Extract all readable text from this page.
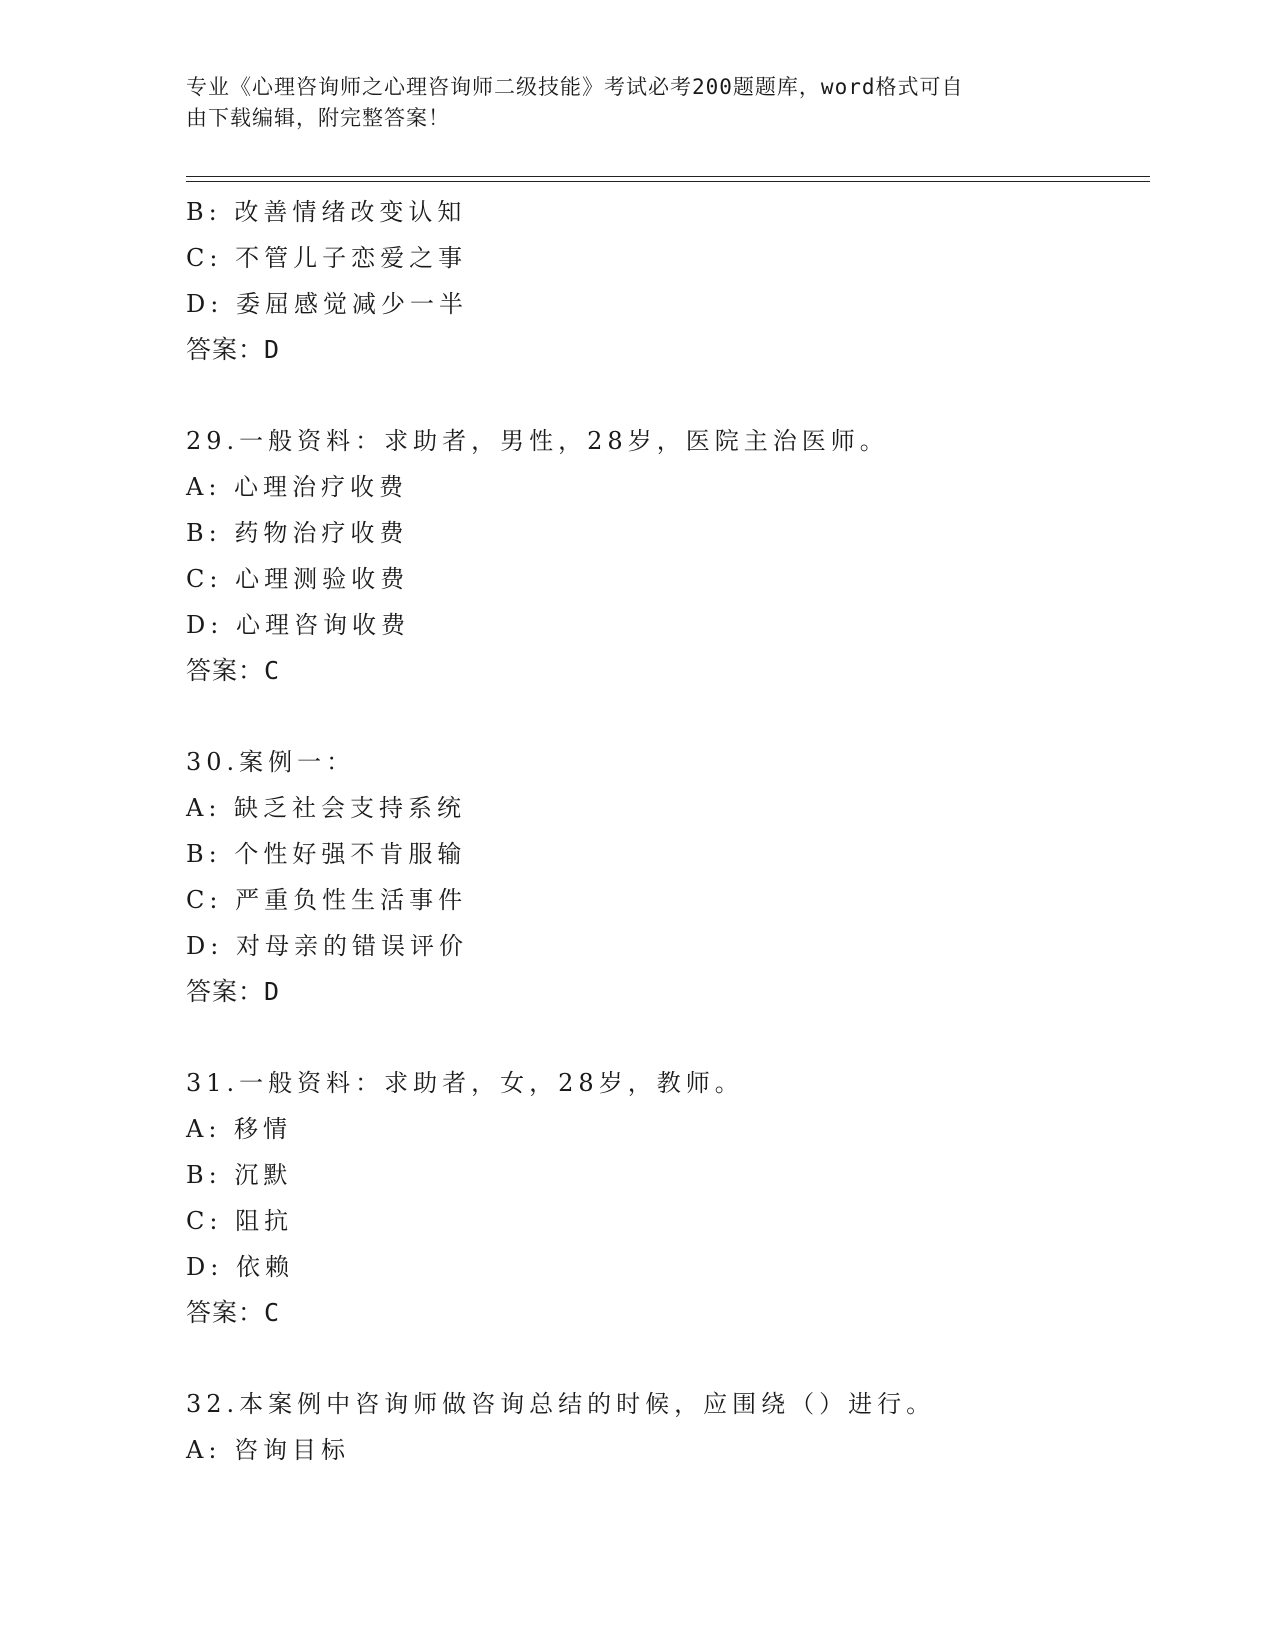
专业《心理咨询师之心理咨询师二级技能》考试必考200题题库，word格式可自
由下载编辑，附完整答案！
B: 改善情绪改变认知
C: 不管儿子恋爱之事
D: 委屈感觉减少一半
答案：D
29.一般资料：求助者，男性，28岁，医院主治医师。
A: 心理治疗收费
B: 药物治疗收费
C: 心理测验收费
D: 心理咨询收费
答案：C
30.案例一：
A: 缺乏社会支持系统
B: 个性好强不肯服输
C: 严重负性生活事件
D: 对母亲的错误评价
答案：D
31.一般资料：求助者，女，28岁，教师。
A: 移情
B: 沉默
C: 阻抗
D: 依赖
答案：C
32.本案例中咨询师做咨询总结的时候，应围绕（）进行。
A: 咨询目标
